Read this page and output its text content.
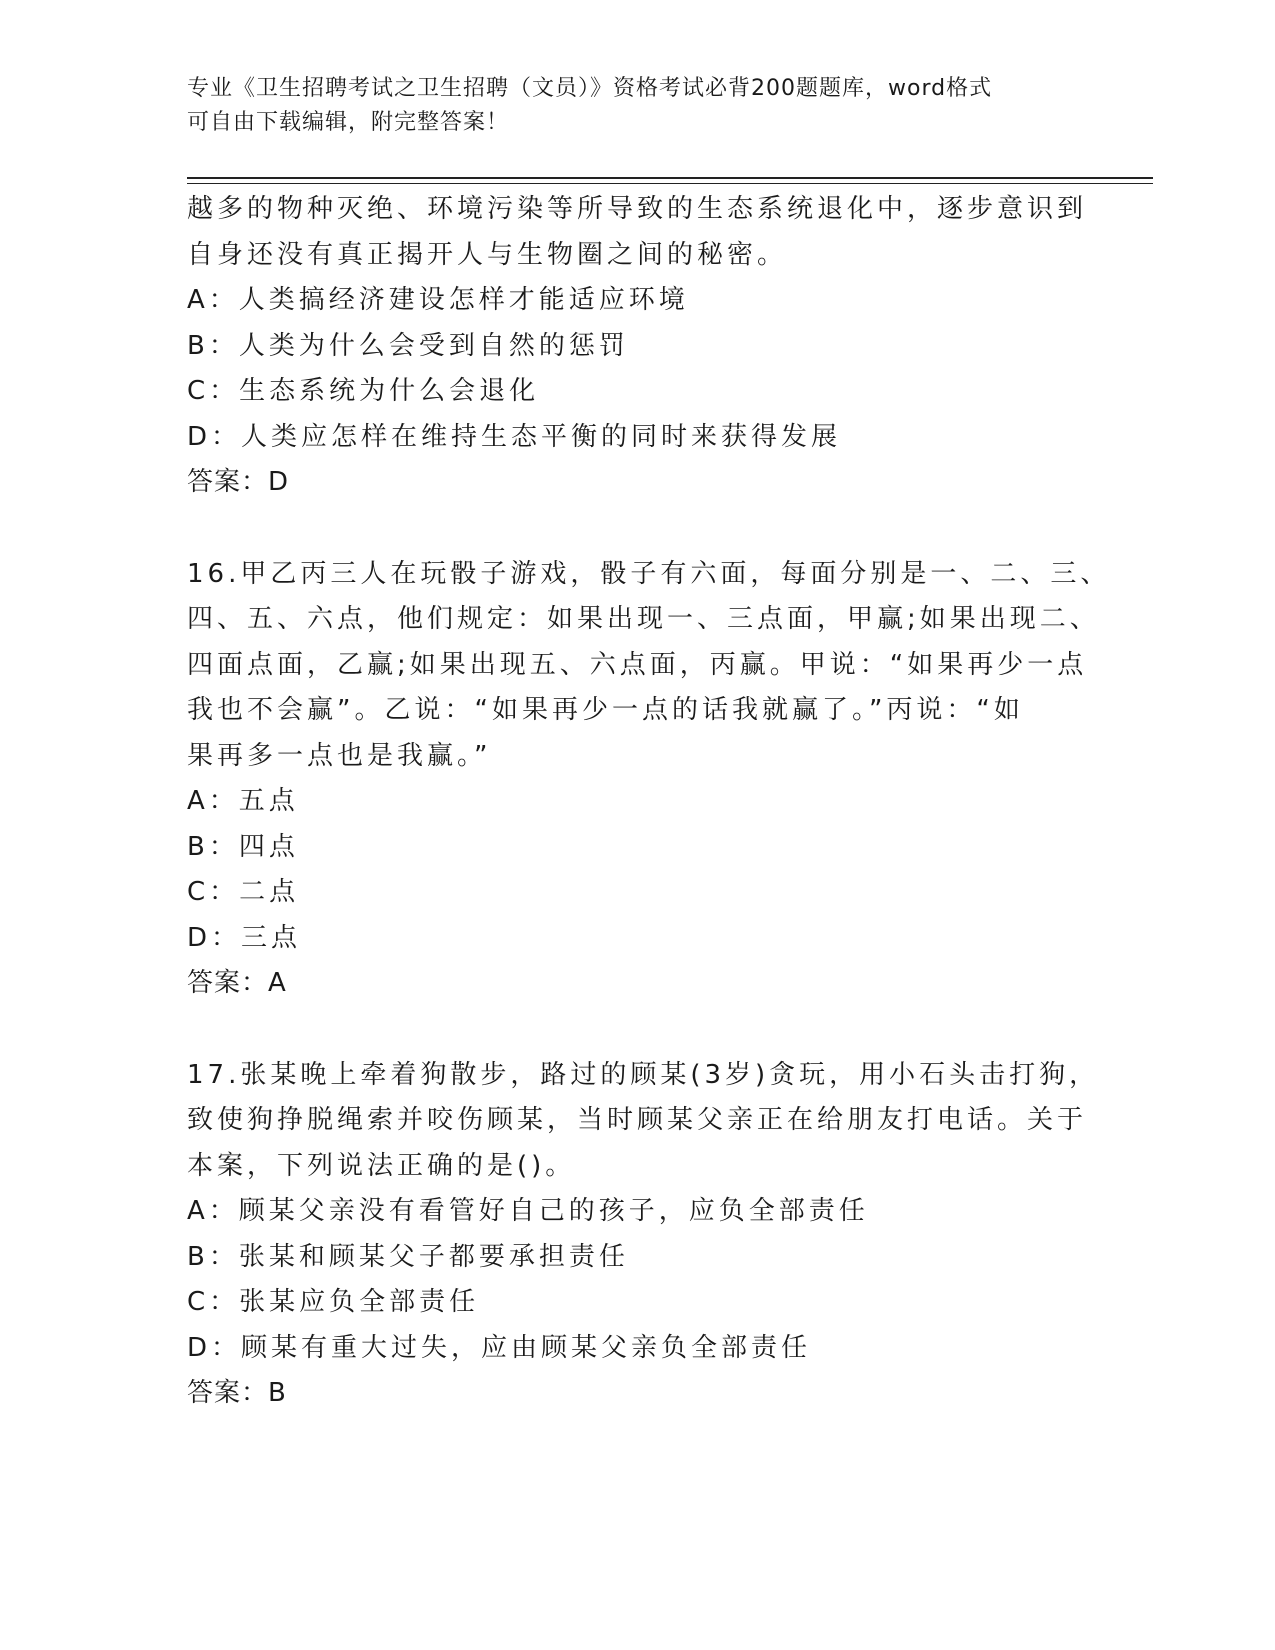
专业《卫生招聘考试之卫生招聘（文员）》资格考试必背200题题库，word格式
可自由下载编辑，附完整答案！
越多的物种灭绝、环境污染等所导致的生态系统退化中，逐步意识到
自身还没有真正揭开人与生物圈之间的秘密。
A：人类搞经济建设怎样才能适应环境
B：人类为什么会受到自然的惩罚
C：生态系统为什么会退化
D：人类应怎样在维持生态平衡的同时来获得发展
答案：D
16.甲乙丙三人在玩骰子游戏，骰子有六面，每面分别是一、二、三、
四、五、六点，他们规定：如果出现一、三点面，甲赢;如果出现二、
四面点面，乙赢;如果出现五、六点面，丙赢。甲说：“如果再少一点
我也不会赢”。乙说：“如果再少一点的话我就赢了。”丙说：“如
果再多一点也是我赢。”
A：五点
B：四点
C：二点
D：三点
答案：A
17.张某晚上牵着狗散步，路过的顾某(3岁)贪玩，用小石头击打狗，
致使狗挣脱绳索并咬伤顾某，当时顾某父亲正在给朋友打电话。关于
本案，下列说法正确的是()。
A：顾某父亲没有看管好自己的孩子，应负全部责任
B：张某和顾某父子都要承担责任
C：张某应负全部责任
D：顾某有重大过失，应由顾某父亲负全部责任
答案：B
